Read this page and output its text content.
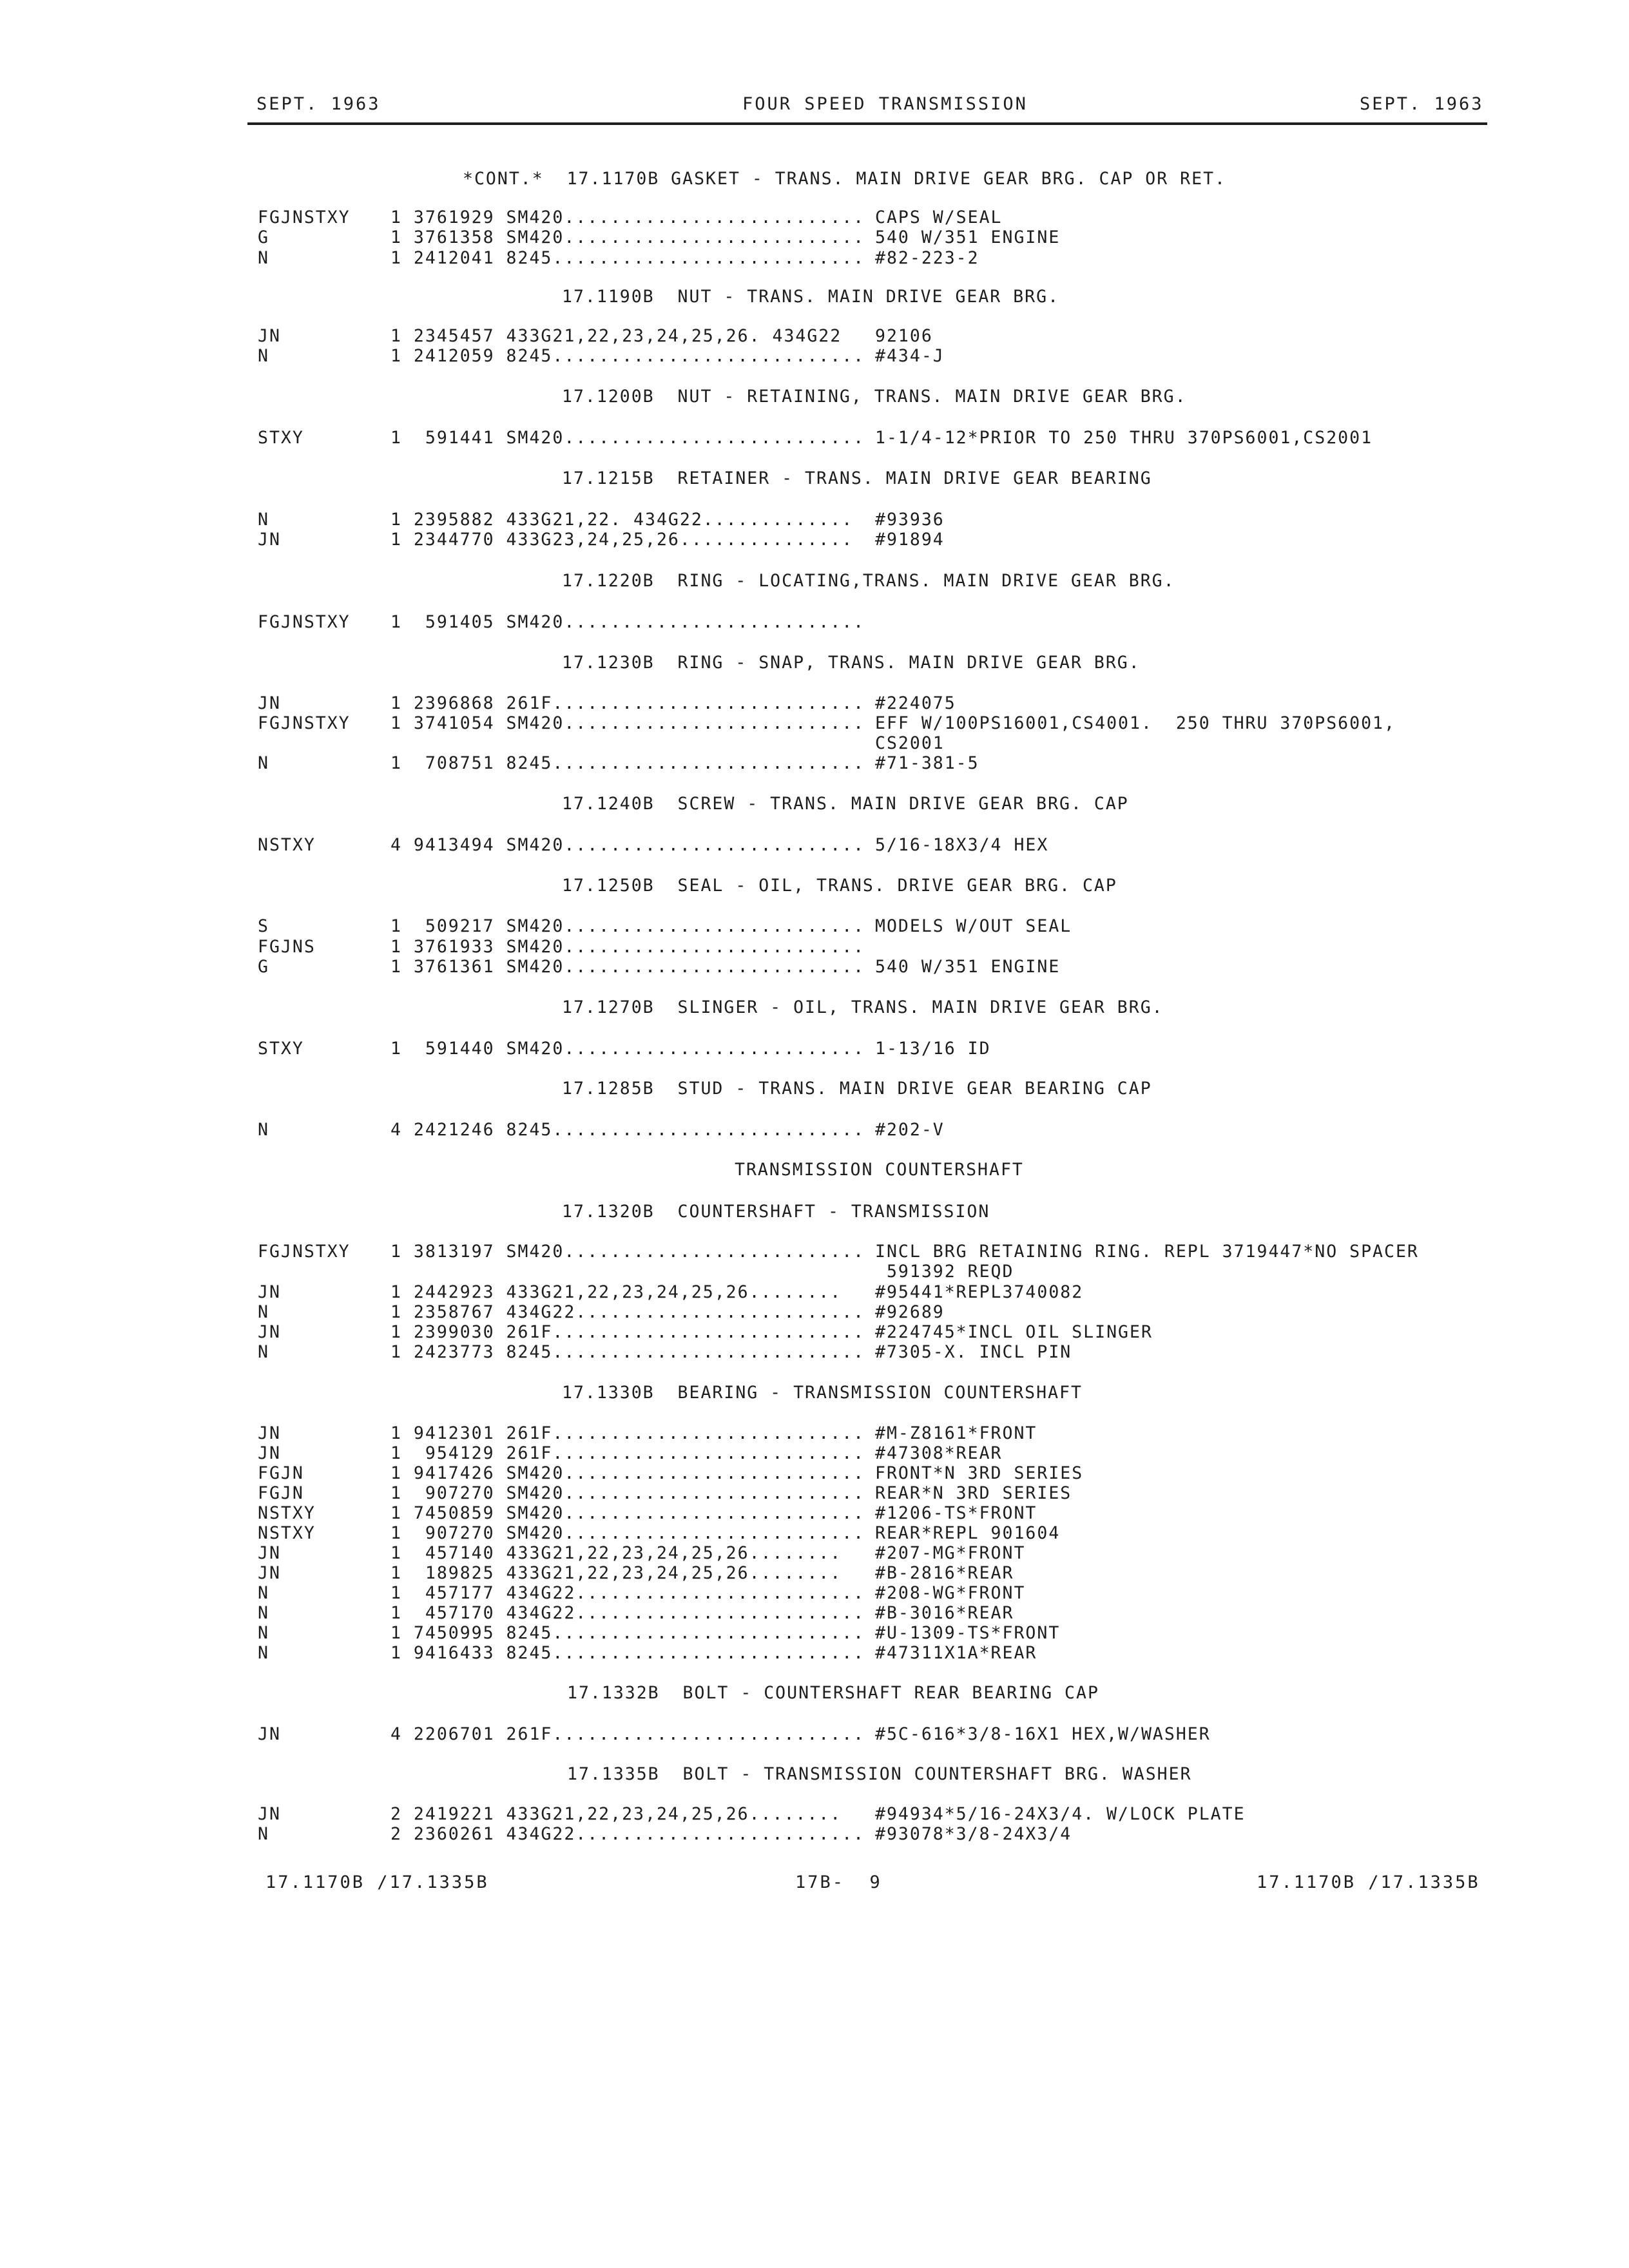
SEPT. 1963	FOUR SPEED TRANSMISSION	SEPT. 1963
*CONT.*  17.1170B GASKET - TRANS. MAIN DRIVE GEAR BRG. CAP OR RET.
FGJNSTXY 1 3761929 SM420.......................... CAPS W/SEAL
G	1 3761358 SM420.......................... 540 W/351 ENGINE
N	1 2412041 8245........................... #82-223-2
17.1190B  NUT - TRANS. MAIN DRIVE GEAR BRG.
JN	1 2345457 433G21,22,23,24,25,26. 434G22 92106
N	1 2412059 8245........................... #434-J
17.1200B  NUT - RETAINING, TRANS. MAIN DRIVE GEAR BRG.
STXY	1  591441 SM420.......................... 1-1/4-12*PRIOR TO 250 THRU 370PS6001,CS2001
17.1215B  RETAINER - TRANS. MAIN DRIVE GEAR BEARING
N	1 2395882 433G21,22. 434G22............. #93936
JN	1 2344770 433G23,24,25,26............... #91894
17.1220B  RING - LOCATING,TRANS. MAIN DRIVE GEAR BRG.
FGJNSTXY 1  591405 SM420..........................
17.1230B  RING - SNAP, TRANS. MAIN DRIVE GEAR BRG.
JN	1 2396868 261F........................... #224075
FGJNSTXY 1 3741054 SM420.......................... EFF W/100PS16001,CS4001.  250 THRU 370PS6001,
CS2001
N	1  708751 8245........................... #71-381-5
17.1240B  SCREW - TRANS. MAIN DRIVE GEAR BRG. CAP
NSTXY	4 9413494 SM420.......................... 5/16-18X3/4 HEX
17.1250B  SEAL - OIL, TRANS. DRIVE GEAR BRG. CAP
S	1  509217 SM420.......................... MODELS W/OUT SEAL
FGJNS	1 3761933 SM420..........................
G	1 3761361 SM420.......................... 540 W/351 ENGINE
17.1270B  SLINGER - OIL, TRANS. MAIN DRIVE GEAR BRG.
STXY	1  591440 SM420.......................... 1-13/16 ID
17.1285B  STUD - TRANS. MAIN DRIVE GEAR BEARING CAP
N	4 2421246 8245........................... #202-V
TRANSMISSION COUNTERSHAFT
17.1320B  COUNTERSHAFT - TRANSMISSION
FGJNSTXY 1 3813197 SM420.......................... INCL BRG RETAINING RING. REPL 3719447*NO SPACER
591392 REQD
JN	1 2442923 433G21,22,23,24,25,26........ #95441*REPL3740082
N	1 2358767 434G22......................... #92689
JN	1 2399030 261F........................... #224745*INCL OIL SLINGER
N	1 2423773 8245........................... #7305-X. INCL PIN
17.1330B  BEARING - TRANSMISSION COUNTERSHAFT
JN	1 9412301 261F........................... #M-Z8161*FRONT
JN	1  954129 261F........................... #47308*REAR
FGJN	1 9417426 SM420.......................... FRONT*N 3RD SERIES
FGJN	1  907270 SM420.......................... REAR*N 3RD SERIES
NSTXY	1 7450859 SM420.......................... #1206-TS*FRONT
NSTXY	1  907270 SM420.......................... REAR*REPL 901604
JN	1  457140 433G21,22,23,24,25,26........ #207-MG*FRONT
JN	1  189825 433G21,22,23,24,25,26........ #B-2816*REAR
N	1  457177 434G22......................... #208-WG*FRONT
N	1  457170 434G22......................... #B-3016*REAR
N	1 7450995 8245........................... #U-1309-TS*FRONT
N	1 9416433 8245........................... #47311X1A*REAR
17.1332B  BOLT - COUNTERSHAFT REAR BEARING CAP
JN	4 2206701 261F........................... #5C-616*3/8-16X1 HEX,W/WASHER
17.1335B  BOLT - TRANSMISSION COUNTERSHAFT BRG. WASHER
JN	2 2419221 433G21,22,23,24,25,26........ #94934*5/16-24X3/4. W/LOCK PLATE
N	2 2360261 434G22......................... #93078*3/8-24X3/4
17.1170B /17.1335B	17B-  9	17.1170B /17.1335B
